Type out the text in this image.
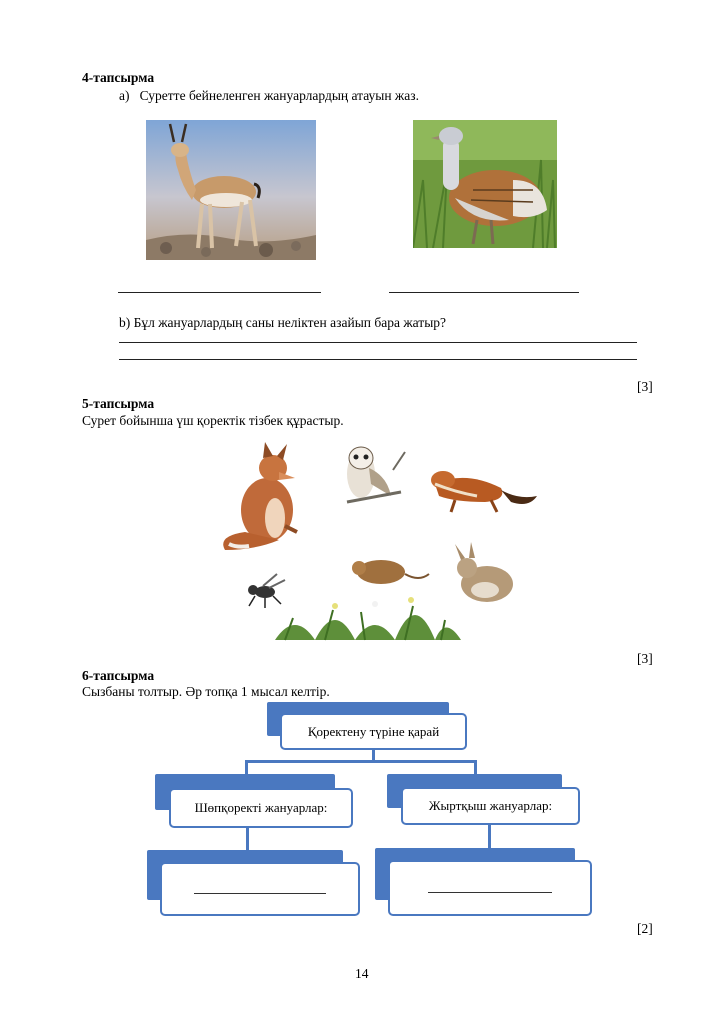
4-тапсырма
а)   Суретте бейнеленген жануарлардың атауын жаз.
b) Бұл жануарлардың саны неліктен азайып бара жатыр?
[3]
5-тапсырма
Сурет бойынша үш қоректік тізбек құрастыр.
[3]
6-тапсырма
Сызбаны толтыр. Әр топқа 1 мысал келтір.
Қоректену түріне қарай
Шөпқоректі жануарлар:	Жыртқыш жануарлар:
[2]
14
